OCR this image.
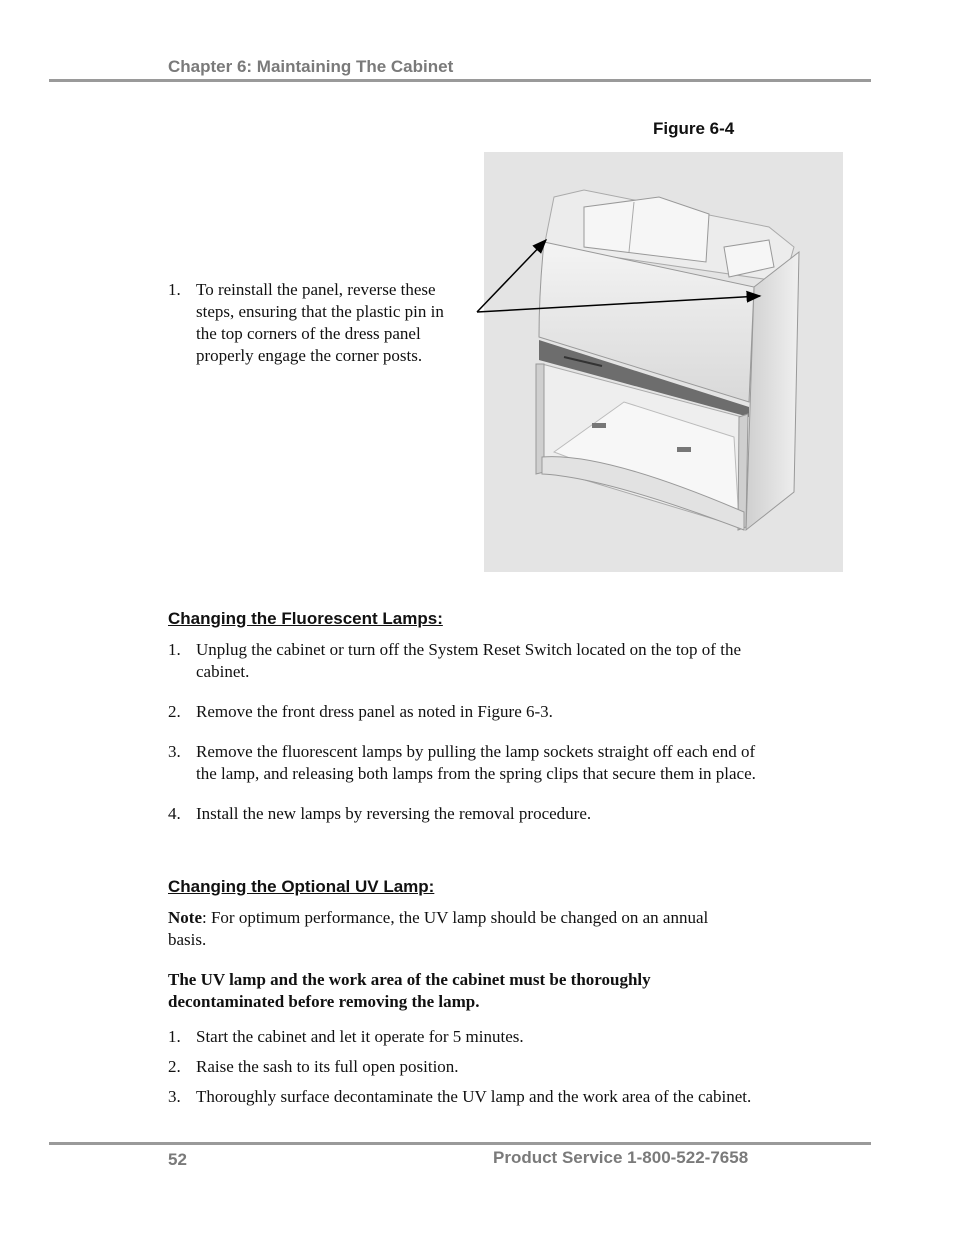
Chapter 6: Maintaining The Cabinet
Figure 6-4
1. To reinstall the panel, reverse these steps, ensuring that the plastic pin in the top corners of the dress panel properly engage the corner posts.
Changing the Fluorescent Lamps:
1. Unplug the cabinet or turn off the System Reset Switch located on the top of the cabinet.
2. Remove the front dress panel as noted in Figure 6-3.
3. Remove the fluorescent lamps by pulling the lamp sockets straight off each end of the lamp, and releasing both lamps from the spring clips that secure them in place.
4. Install the new lamps by reversing the removal procedure.
Changing the Optional UV Lamp:
Note: For optimum performance, the UV lamp should be changed on an annual basis.
The UV lamp and the work area of the cabinet must be thoroughly decontaminated before removing the lamp.
1. Start the cabinet and let it operate for 5 minutes.
2. Raise the sash to its full open position.
3. Thoroughly surface decontaminate the UV lamp and the work area of the cabinet.
52	Product Service 1-800-522-7658
